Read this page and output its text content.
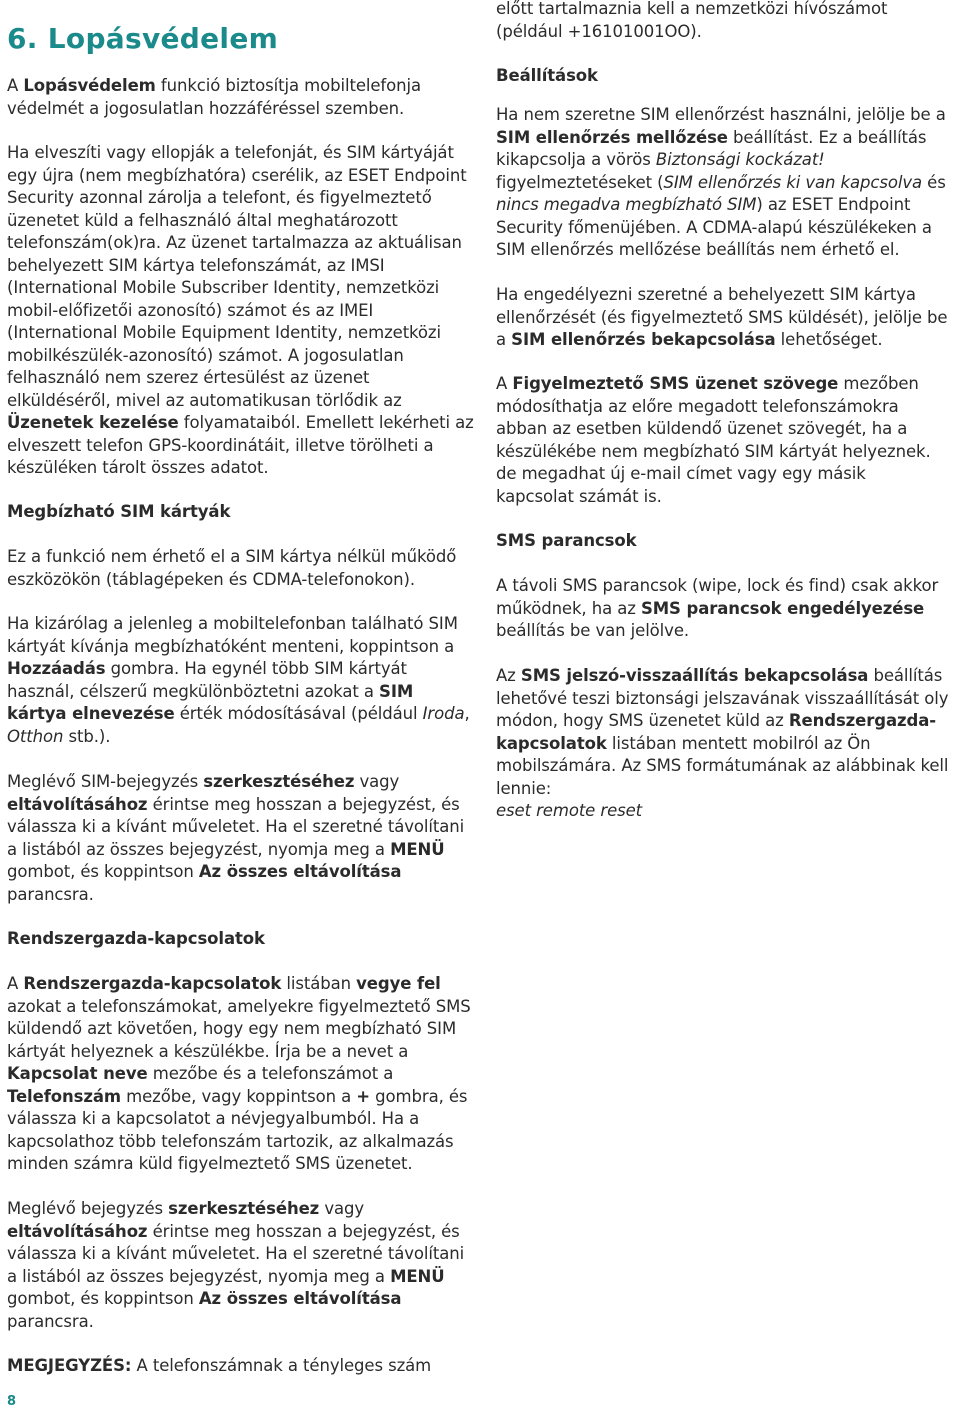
6. Lopásvédelem

A Lopásvédelem funkció biztosítja mobiltelefonja védelmét a jogosulatlan hozzáféréssel szemben.

Ha elveszíti vagy ellopják a telefonját, és SIM kártyáját egy újra (nem megbízhatóra) cserélik, az ESET Endpoint Security azonnal zárolja a telefont, és figyelmeztető üzenetet küld a felhasználó által meghatározott telefonszám(ok)ra. Az üzenet tartalmazza az aktuálisan behelyezett SIM kártya telefonszámát, az IMSI (International Mobile Subscriber Identity, nemzetközi mobil-előfizetői azonosító) számot és az IMEI (International Mobile Equipment Identity, nemzetközi mobilkészülék-azonosító) számot. A jogosulatlan felhasználó nem szerez értesülést az üzenet elküldéséről, mivel az automatikusan törlődik az Üzenetek kezelése folyamataiból. Emellett lekérheti az elveszett telefon GPS-koordinátáit, illetve törölheti a készüléken tárolt összes adatot.

Megbízható SIM kártyák

Ez a funkció nem érhető el a SIM kártya nélkül működő eszközökön (táblagépeken és CDMA-telefonokon).

Ha kizárólag a jelenleg a mobiltelefonban található SIM kártyát kívánja megbízhatóként menteni, koppintson a Hozzáadás gombra. Ha egynél több SIM kártyát használ, célszerű megkülönböztetni azokat a SIM kártya elnevezése érték módosításával (például Iroda, Otthon stb.).

Meglévő SIM-bejegyzés szerkesztéséhez vagy eltávolításához érintse meg hosszan a bejegyzést, és válassza ki a kívánt műveletet. Ha el szeretné távolítani a listából az összes bejegyzést, nyomja meg a MENÜ gombot, és koppintson Az összes eltávolítása parancsra.

Rendszergazda-kapcsolatok

A Rendszergazda-kapcsolatok listában vegye fel azokat a telefonszámokat, amelyekre figyelmeztető SMS küldendő azt követően, hogy egy nem megbízható SIM kártyát helyeznek a készülékbe. Írja be a nevet a Kapcsolat neve mezőbe és a telefonszámot a Telefonszám mezőbe, vagy koppintson a + gombra, és válassza ki a kapcsolatot a névjegyalbumból. Ha a kapcsolathoz több telefonszám tartozik, az alkalmazás minden számra küld figyelmeztető SMS üzenetet.

Meglévő bejegyzés szerkesztéséhez vagy eltávolításához érintse meg hosszan a bejegyzést, és válassza ki a kívánt műveletet. Ha el szeretné távolítani a listából az összes bejegyzést, nyomja meg a MENÜ gombot, és koppintson Az összes eltávolítása parancsra.

MEGJEGYZÉS: A telefonszámnak a tényleges szám

előtt tartalmaznia kell a nemzetközi hívószámot (például +16101001OO).

Beállítások

Ha nem szeretne SIM ellenőrzést használni, jelölje be a SIM ellenőrzés mellőzése beállítást. Ez a beállítás kikapcsolja a vörös Biztonsági kockázat! figyelmeztetéseket (SIM ellenőrzés ki van kapcsolva és nincs megadva megbízható SIM) az ESET Endpoint Security főmenüjében. A CDMA-alapú készülékeken a SIM ellenőrzés mellőzése beállítás nem érhető el.

Ha engedélyezni szeretné a behelyezett SIM kártya ellenőrzését (és figyelmeztető SMS küldését), jelölje be a SIM ellenőrzés bekapcsolása lehetőséget.

A Figyelmeztető SMS üzenet szövege mezőben módosíthatja az előre megadott telefonszámokra abban az esetben küldendő üzenet szövegét, ha a készülékébe nem megbízható SIM kártyát helyeznek. de megadhat új e-mail címet vagy egy másik kapcsolat számát is.

SMS parancsok

A távoli SMS parancsok (wipe, lock és find) csak akkor működnek, ha az SMS parancsok engedélyezése beállítás be van jelölve.

Az SMS jelszó-visszaállítás bekapcsolása beállítás lehetővé teszi biztonsági jelszavának visszaállítását oly módon, hogy SMS üzenetet küld az Rendszergazda-kapcsolatok listában mentett mobilról az Ön mobilszámára. Az SMS formátumának az alábbinak kell lennie:

eset remote reset

8
